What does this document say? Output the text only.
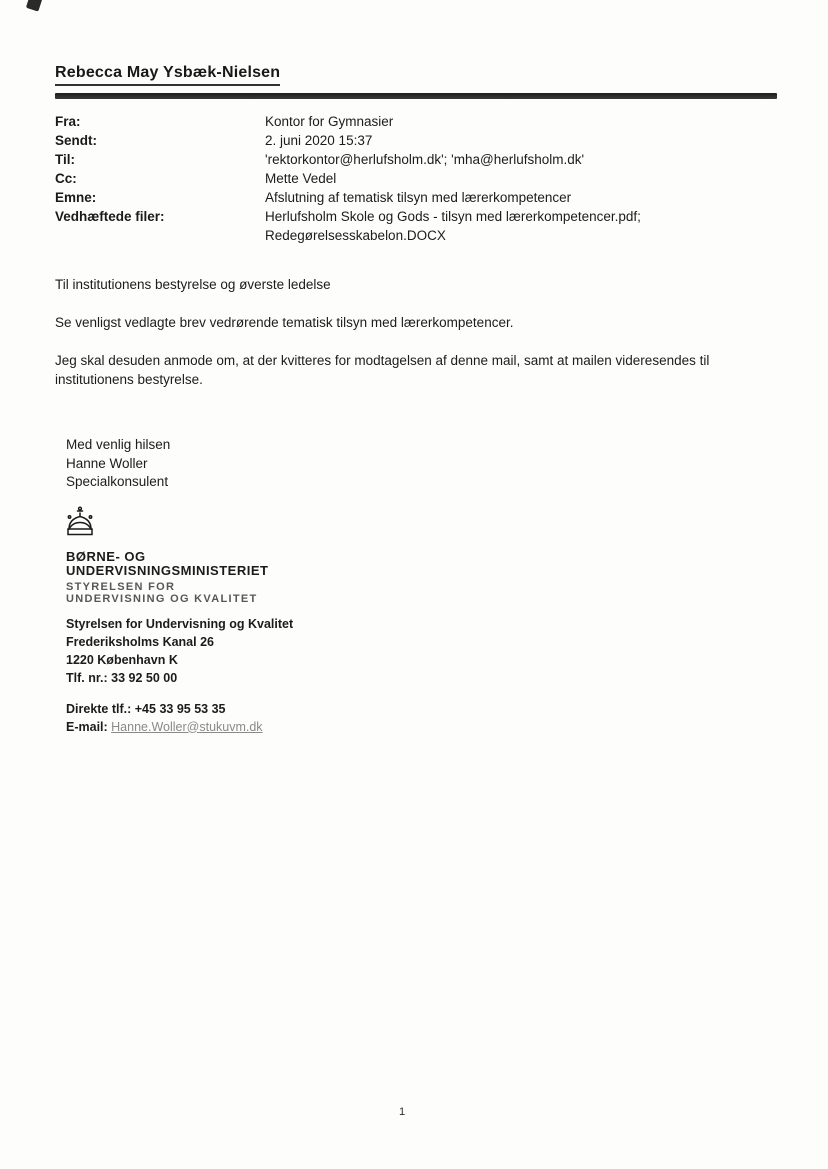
Rebecca May Ysbæk-Nielsen
Fra:	Kontor for Gymnasier
Sendt:	2. juni 2020 15:37
Til:	'rektorkontor@herlufsholm.dk'; 'mha@herlufsholm.dk'
Cc:	Mette Vedel
Emne:	Afslutning af tematisk tilsyn med lærerkompetencer
Vedhæftede filer:	Herlufsholm Skole og Gods - tilsyn med lærerkompetencer.pdf; Redegørelsesskabelon.DOCX

Til institutionens bestyrelse og øverste ledelse

Se venligst vedlagte brev vedrørende tematisk tilsyn med lærerkompetencer.

Jeg skal desuden anmode om, at der kvitteres for modtagelsen af denne mail, samt at mailen videresendes til institutionens bestyrelse.

Med venlig hilsen
Hanne Woller
Specialkonsulent
BØRNE- OG
UNDERVISNINGSMINISTERIET
STYRELSEN FOR
UNDERVISNING OG KVALITET
Styrelsen for Undervisning og Kvalitet
Frederiksholms Kanal 26
1220 København K
Tlf. nr.: 33 92 50 00
Direkte tlf.: +45 33 95 53 35
E-mail: Hanne.Woller@stukuvm.dk
1
